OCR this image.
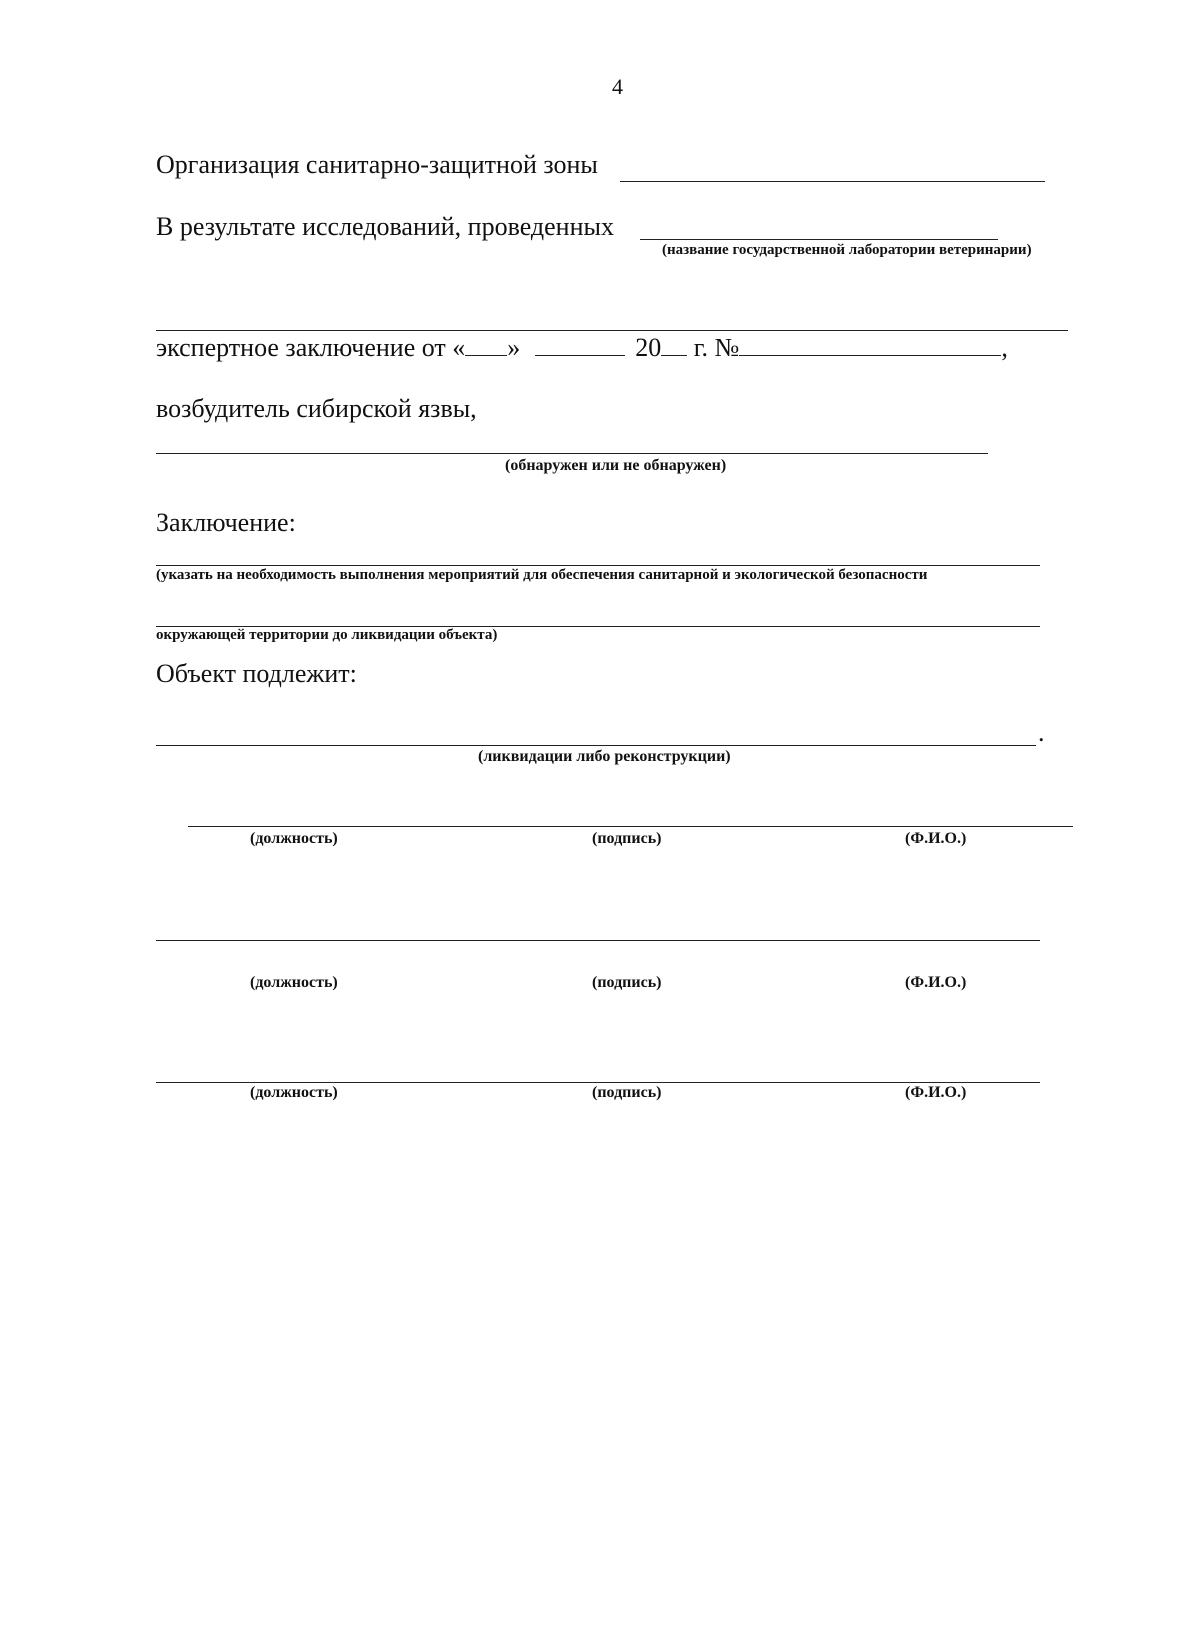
4
Организация санитарно-защитной зоны
В результате исследований, проведенных
(название государственной лаборатории ветеринарии)
экспертное заключение от « »	20 г. №	,
возбудитель сибирской язвы,
(обнаружен или не обнаружен)
Заключение:
(указать на необходимость выполнения мероприятий для обеспечения санитарной и экологической безопасности
окружающей территории до ликвидации объекта)
Объект подлежит:
.
(ликвидации либо реконструкции)
(должность)	(подпись)	(Ф.И.О.)
(должность)	(подпись)	(Ф.И.О.)
(должность)	(подпись)	(Ф.И.О.)
